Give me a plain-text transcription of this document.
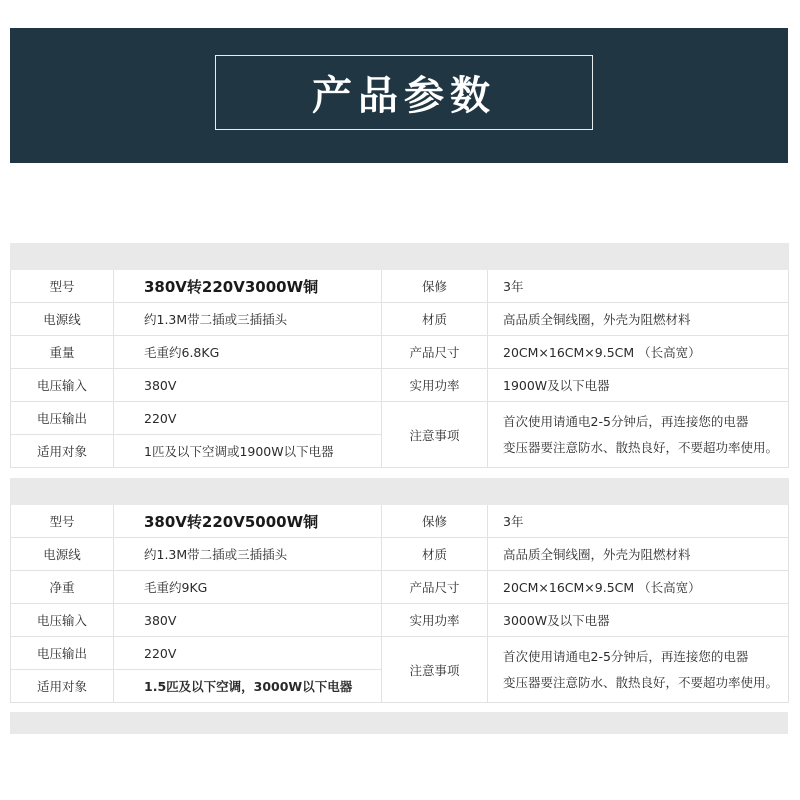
产品参数

型号	380V转220V3000W铜	保修	3年
电源线	约1.3M带二插或三插插头	材质	高品质全铜线圈，外壳为阻燃材料
重量	毛重约6.8KG	产品尺寸	20CM×16CM×9.5CM （长高宽）
电压输入	380V	实用功率	1900W及以下电器
电压输出	220V	注意事项	首次使用请通电2-5分钟后，再连接您的电器
变压器要注意防水、散热良好，不要超功率使用。

适用对象	1匹及以下空调或1900W以下电器		

型号	380V转220V5000W铜	保修	3年
电源线	约1.3M带二插或三插插头	材质	高品质全铜线圈，外壳为阻燃材料
净重	毛重约9KG	产品尺寸	20CM×16CM×9.5CM （长高宽）
电压输入	380V	实用功率	3000W及以下电器
电压输出	220V	注意事项	首次使用请通电2-5分钟后，再连接您的电器
变压器要注意防水、散热良好，不要超功率使用。

适用对象	1.5匹及以下空调，3000W以下电器		
